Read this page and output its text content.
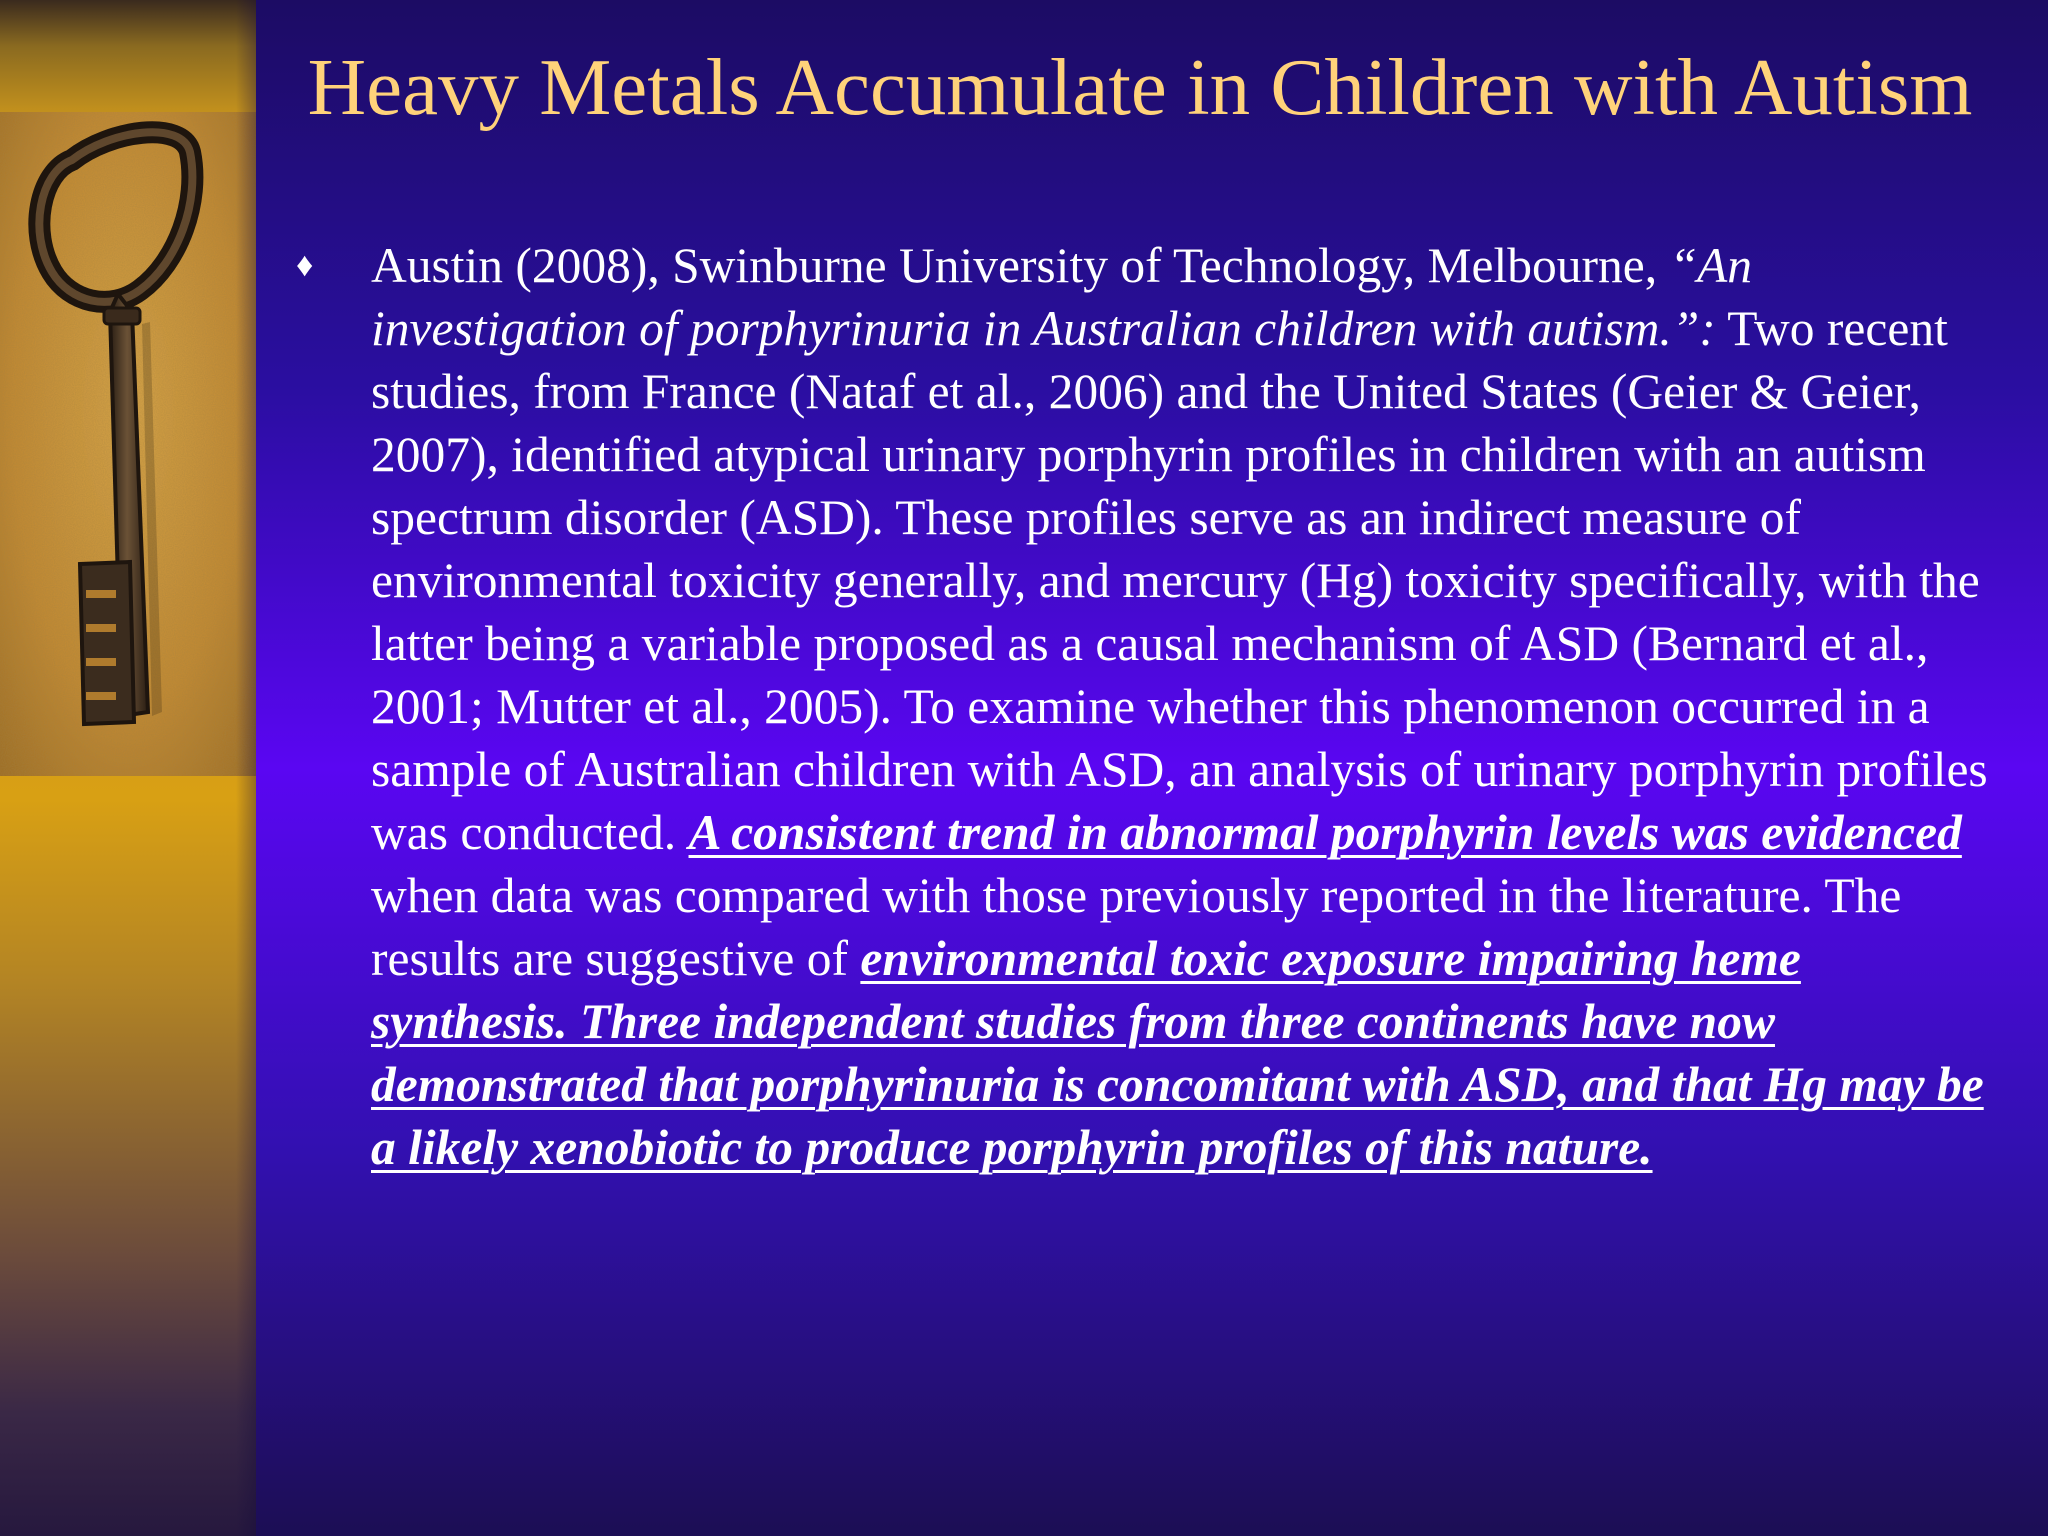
Heavy Metals Accumulate in Children with Autism
♦ Austin (2008), Swinburne University of Technology, Melbourne, “An investigation of porphyrinuria in Australian children with autism.”: Two recent studies, from France (Nataf et al., 2006) and the United States (Geier & Geier, 2007), identified atypical urinary porphyrin profiles in children with an autism spectrum disorder (ASD). These profiles serve as an indirect measure of environmental toxicity generally, and mercury (Hg) toxicity specifically, with the latter being a variable proposed as a causal mechanism of ASD (Bernard et al., 2001; Mutter et al., 2005). To examine whether this phenomenon occurred in a sample of Australian children with ASD, an analysis of urinary porphyrin profiles was conducted. A consistent trend in abnormal porphyrin levels was evidenced when data was compared with those previously reported in the literature. The results are suggestive of environmental toxic exposure impairing heme synthesis. Three independent studies from three continents have now demonstrated that porphyrinuria is concomitant with ASD, and that Hg may be a likely xenobiotic to produce porphyrin profiles of this nature.
